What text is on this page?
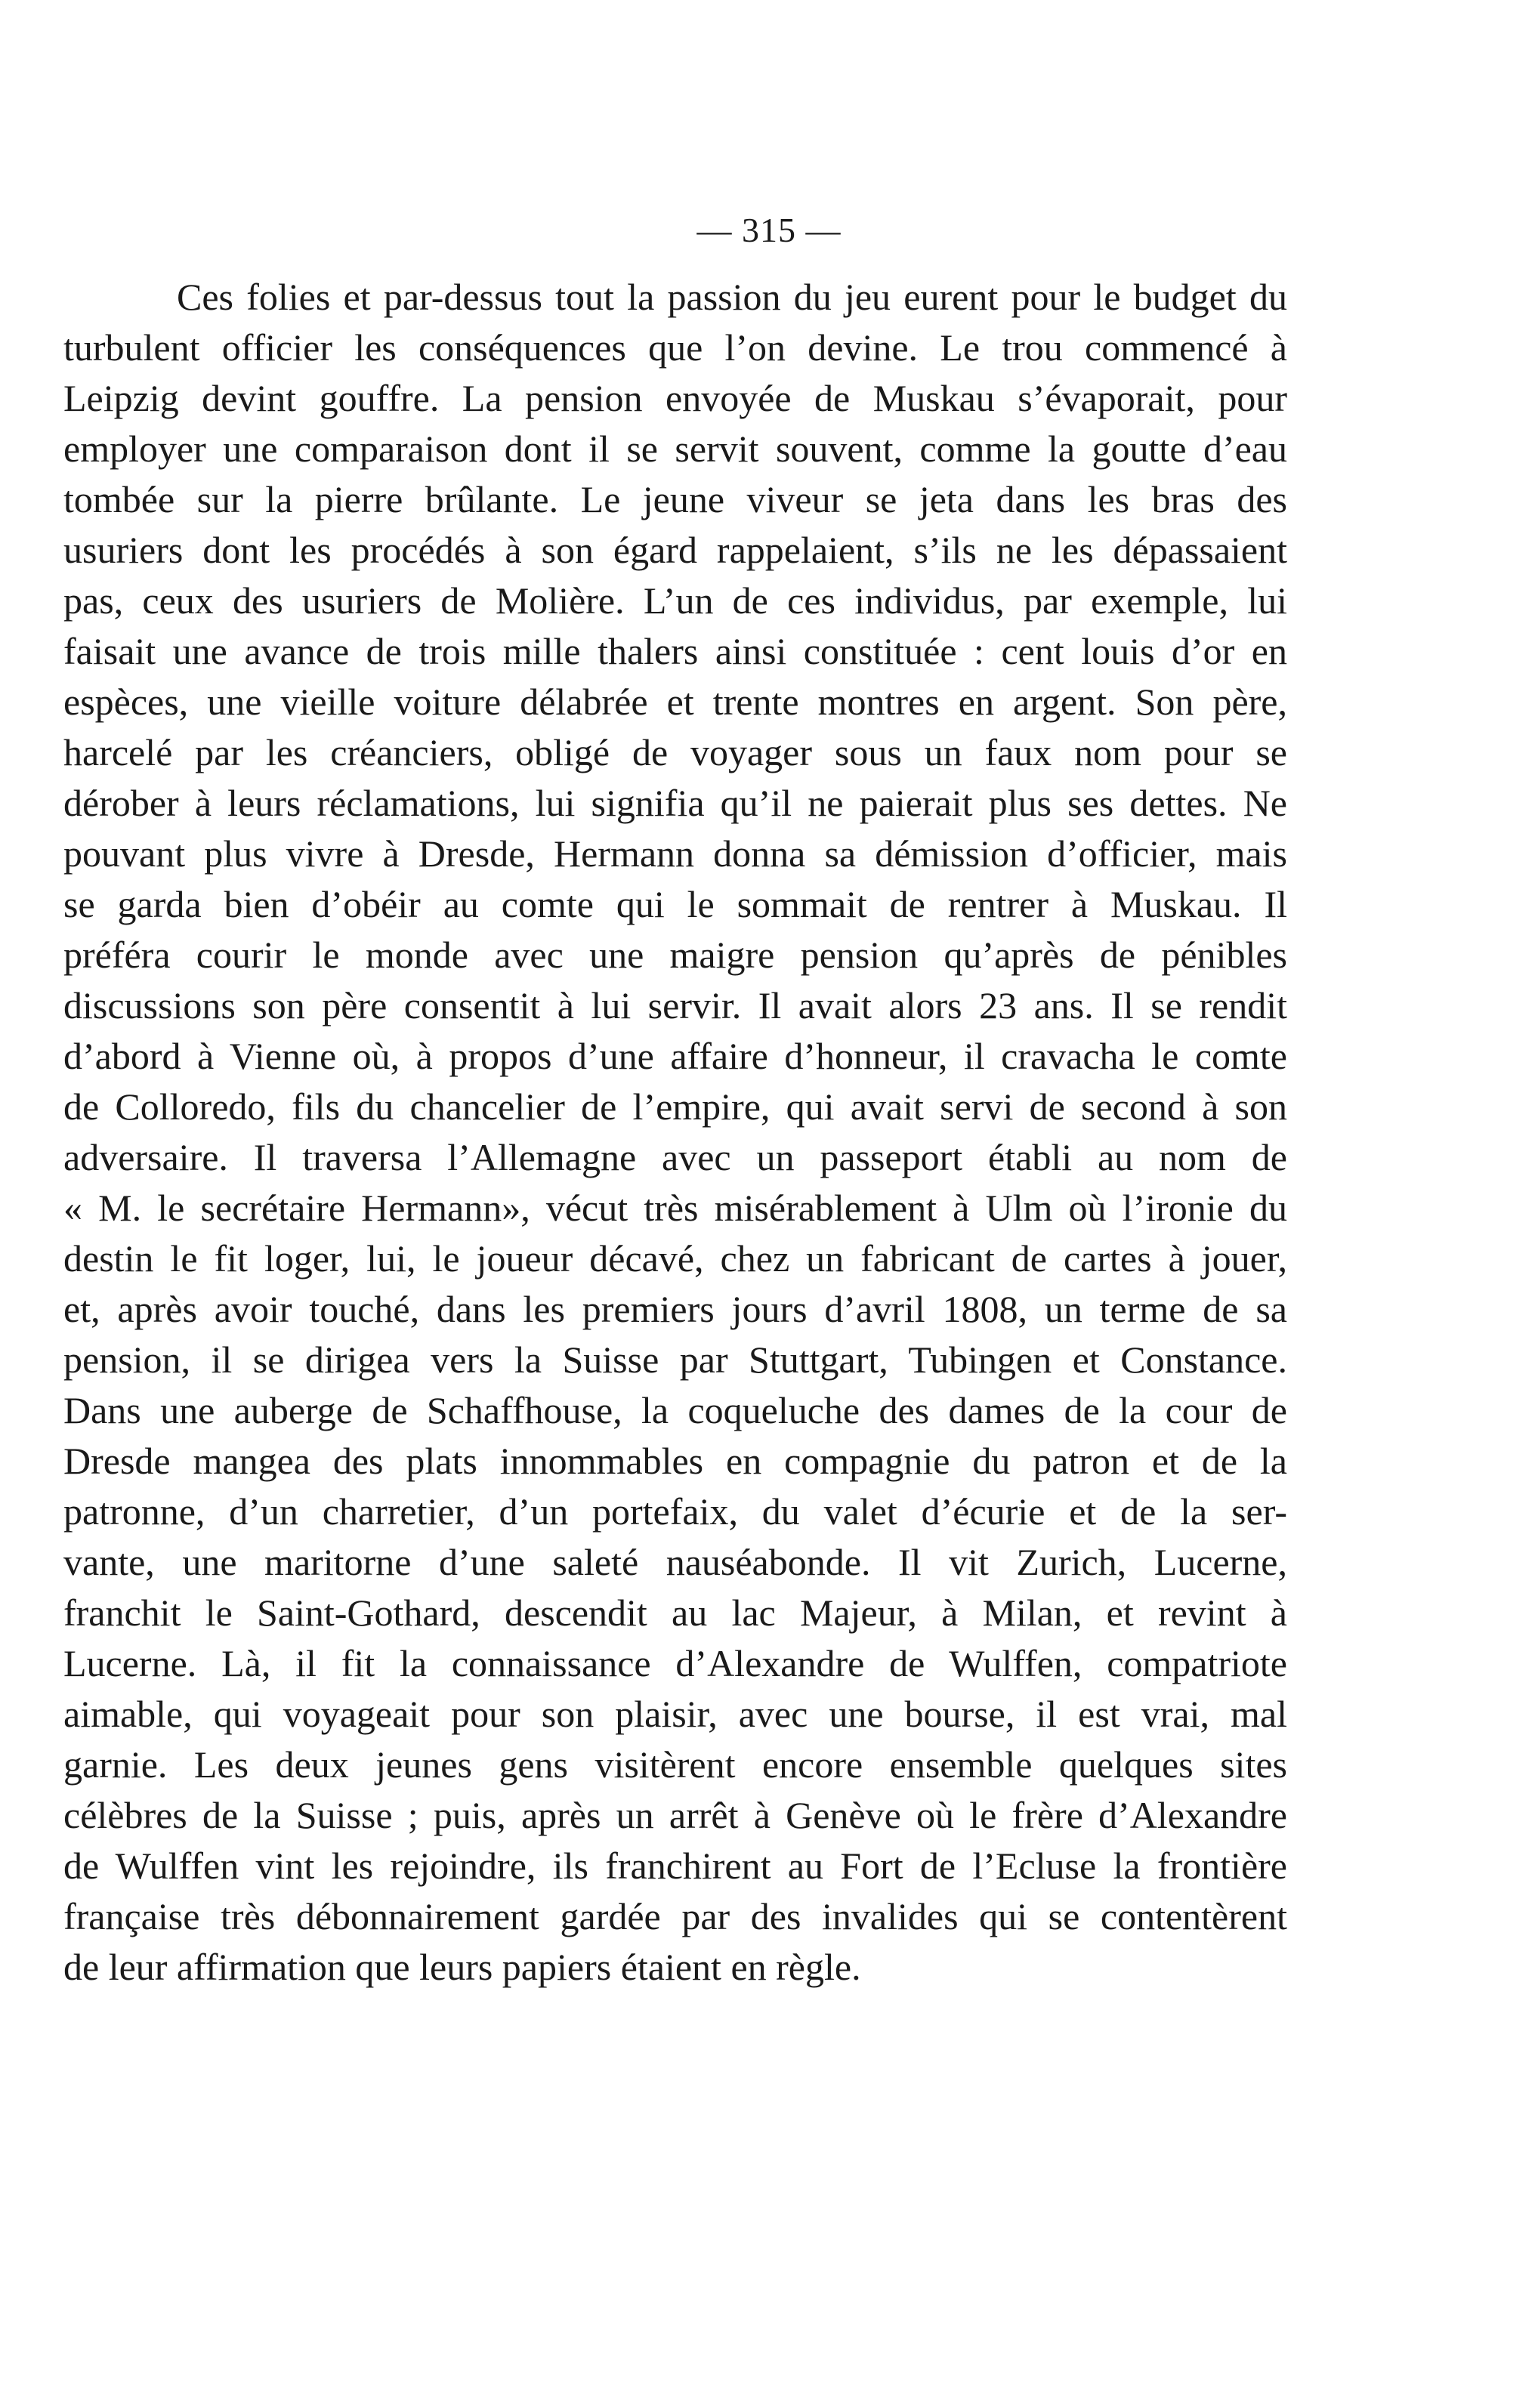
— 315 —
Ces folies et par-dessus tout la passion du jeu eurent pour le budget du
turbulent officier les conséquences que l’on devine. Le trou commencé à
Leipzig devint gouffre. La pension envoyée de Muskau s’évaporait, pour
employer une comparaison dont il se servit souvent, comme la goutte d’eau
tombée sur la pierre brûlante. Le jeune viveur se jeta dans les bras des
usuriers dont les procédés à son égard rappelaient, s’ils ne les dépassaient
pas, ceux des usuriers de Molière. L’un de ces individus, par exemple, lui
faisait une avance de trois mille thalers ainsi constituée : cent louis d’or en
espèces, une vieille voiture délabrée et trente montres en argent. Son père,
harcelé par les créanciers, obligé de voyager sous un faux nom pour se
dérober à leurs réclamations, lui signifia qu’il ne paierait plus ses dettes. Ne
pouvant plus vivre à Dresde, Hermann donna sa démission d’officier, mais
se garda bien d’obéir au comte qui le sommait de rentrer à Muskau. Il
préféra courir le monde avec une maigre pension qu’après de pénibles
discussions son père consentit à lui servir. Il avait alors 23 ans. Il se rendit
d’abord à Vienne où, à propos d’une affaire d’honneur, il cravacha le comte
de Colloredo, fils du chancelier de l’empire, qui avait servi de second à son
adversaire. Il traversa l’Allemagne avec un passeport établi au nom de
« M. le secrétaire Hermann», vécut très misérablement à Ulm où l’ironie du
destin le fit loger, lui, le joueur décavé, chez un fabricant de cartes à jouer,
et, après avoir touché, dans les premiers jours d’avril 1808, un terme de sa
pension, il se dirigea vers la Suisse par Stuttgart, Tubingen et Constance.
Dans une auberge de Schaffhouse, la coqueluche des dames de la cour de
Dresde mangea des plats innommables en compagnie du patron et de la
patronne, d’un charretier, d’un portefaix, du valet d’écurie et de la ser-
vante, une maritorne d’une saleté nauséabonde. Il vit Zurich, Lucerne,
franchit le Saint-Gothard, descendit au lac Majeur, à Milan, et revint à
Lucerne. Là, il fit la connaissance d’Alexandre de Wulffen, compatriote
aimable, qui voyageait pour son plaisir, avec une bourse, il est vrai, mal
garnie. Les deux jeunes gens visitèrent encore ensemble quelques sites
célèbres de la Suisse ; puis, après un arrêt à Genève où le frère d’Alexandre
de Wulffen vint les rejoindre, ils franchirent au Fort de l’Ecluse la frontière
française très débonnairement gardée par des invalides qui se contentèrent
de leur affirmation que leurs papiers étaient en règle.
